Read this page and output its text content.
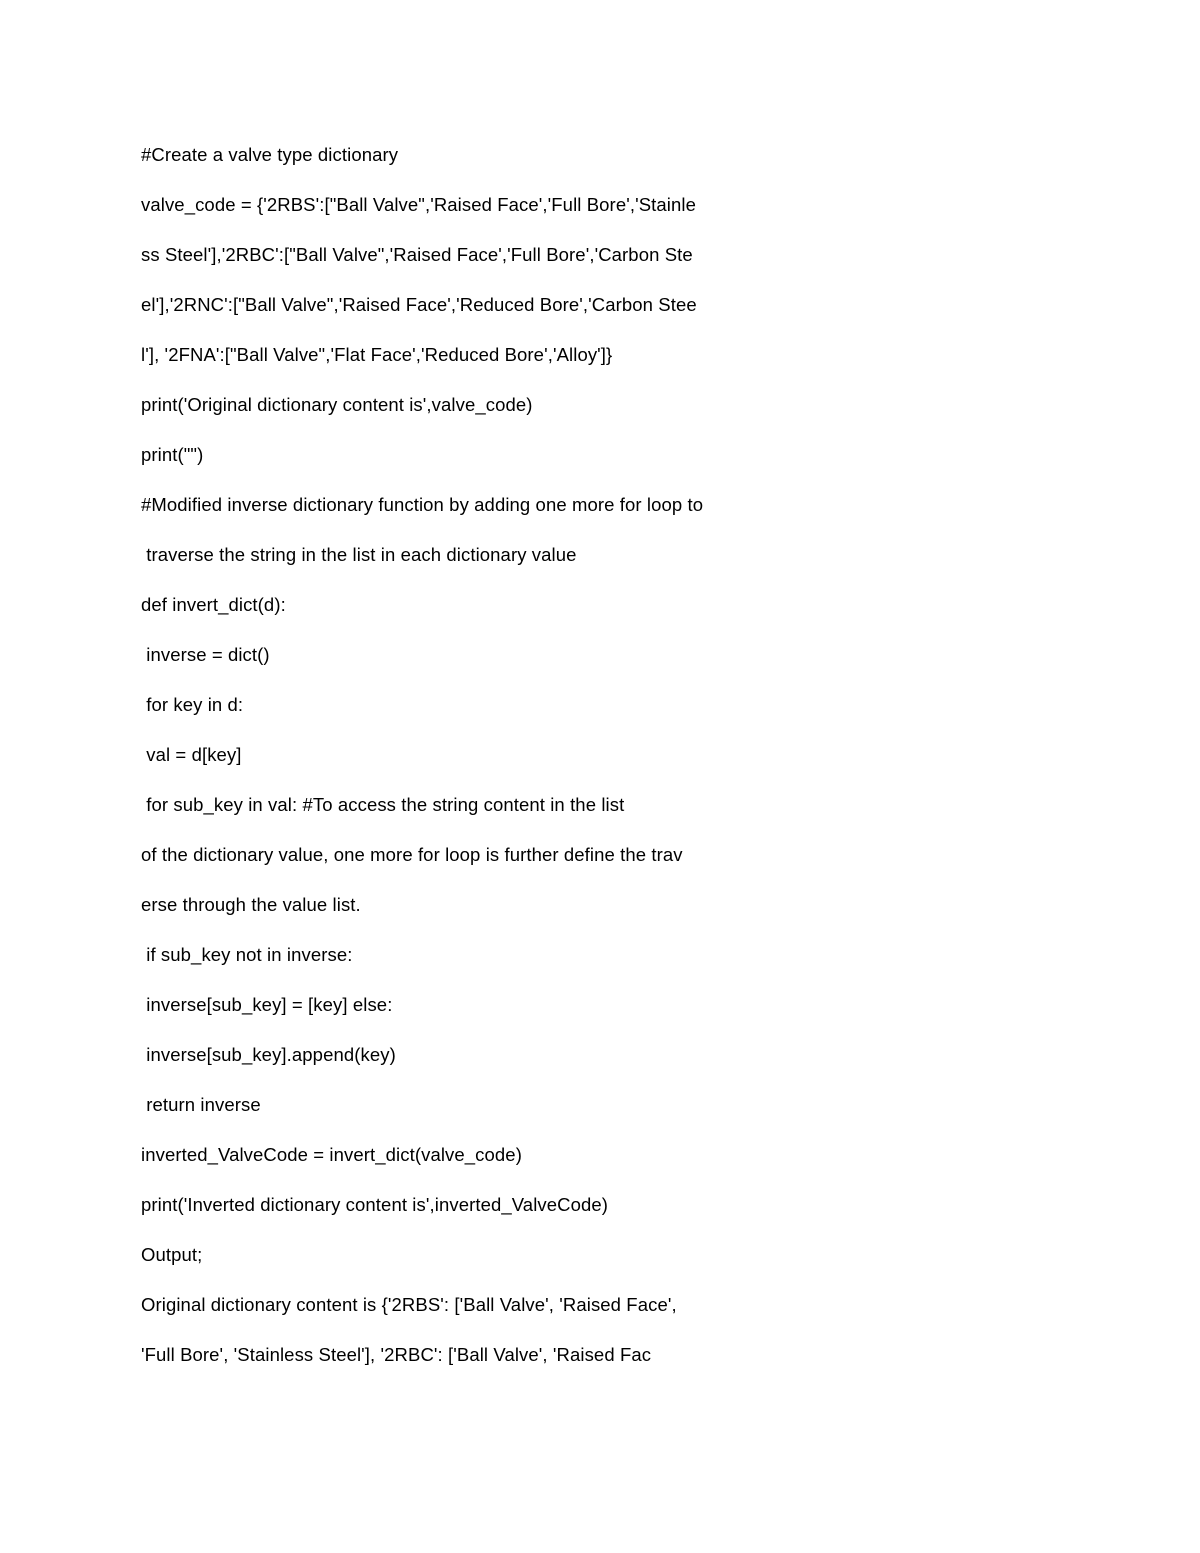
#Create a valve type dictionary
valve_code = {'2RBS':["Ball Valve",'Raised Face','Full Bore','Stainle
ss Steel'],'2RBC':["Ball Valve",'Raised Face','Full Bore','Carbon Ste
el'],'2RNC':["Ball Valve",'Raised Face','Reduced Bore','Carbon Stee
l'], '2FNA':["Ball Valve",'Flat Face','Reduced Bore','Alloy']}
print('Original dictionary content is',valve_code)
print("")
#Modified inverse dictionary function by adding one more for loop to
traverse the string in the list in each dictionary value
def invert_dict(d):
inverse = dict()
for key in d:
val = d[key]
for sub_key in val: #To access the string content in the list
of the dictionary value, one more for loop is further define the trav
erse through the value list.
if sub_key not in inverse:
inverse[sub_key] = [key] else:
inverse[sub_key].append(key)
return inverse
inverted_ValveCode = invert_dict(valve_code)
print('Inverted dictionary content is',inverted_ValveCode)
Output;
Original dictionary content is {'2RBS': ['Ball Valve', 'Raised Face',
'Full Bore', 'Stainless Steel'], '2RBC': ['Ball Valve', 'Raised Fac
